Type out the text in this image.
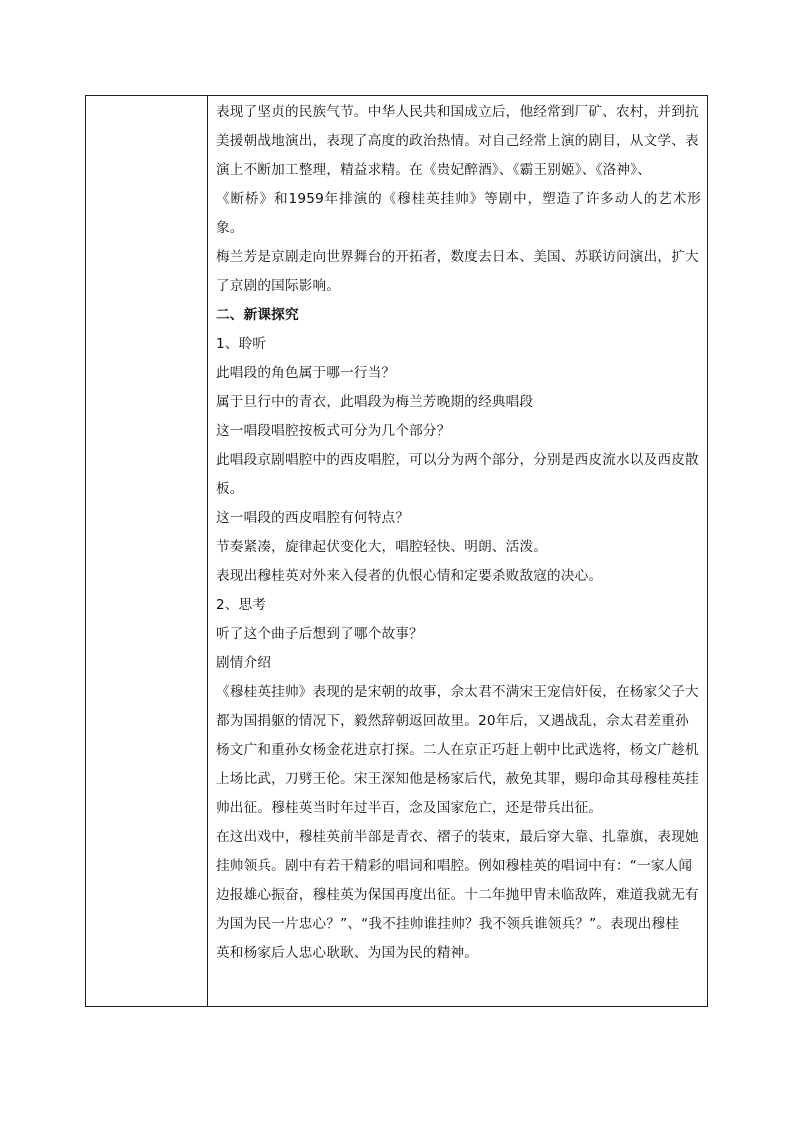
表现了坚贞的民族气节。中华人民共和国成立后，他经常到厂矿、农村，并到抗

美援朝战地演出，表现了高度的政治热情。对自己经常上演的剧目，从文学、表

演上不断加工整理，精益求精。在《贵妃醉酒》、《霸王别姬》、《洛神》、

《断桥》和1959年排演的《穆桂英挂帅》等剧中，塑造了许多动人的艺术形象。

梅兰芳是京剧走向世界舞台的开拓者，数度去日本、美国、苏联访问演出，扩大

了京剧的国际影响。

二、新课探究

1、聆听

此唱段的角色属于哪一行当？

属于旦行中的青衣，此唱段为梅兰芳晚期的经典唱段

这一唱段唱腔按板式可分为几个部分？

此唱段京剧唱腔中的西皮唱腔，可以分为两个部分，分别是西皮流水以及西皮散

板。

这一唱段的西皮唱腔有何特点？

节奏紧凑，旋律起伏变化大，唱腔轻快、明朗、活泼。

表现出穆桂英对外来入侵者的仇恨心情和定要杀败敌寇的决心。

2、思考

听了这个曲子后想到了哪个故事？

剧情介绍

《穆桂英挂帅》表现的是宋朝的故事，佘太君不满宋王宠信奸佞，在杨家父子大

都为国捐躯的情况下，毅然辞朝返回故里。20年后，又遇战乱，佘太君差重孙

杨文广和重孙女杨金花进京打探。二人在京正巧赶上朝中比武选将，杨文广趁机

上场比武，刀劈王伦。宋王深知他是杨家后代，赦免其罪，赐印命其母穆桂英挂

帅出征。穆桂英当时年过半百，念及国家危亡，还是带兵出征。

在这出戏中，穆桂英前半部是青衣、褶子的装束，最后穿大靠、扎靠旗，表现她

挂帅领兵。剧中有若干精彩的唱词和唱腔。例如穆桂英的唱词中有：“一家人闻

边报雄心振奋，穆桂英为保国再度出征。十二年抛甲胄未临敌阵，难道我就无有

为国为民一片忠心？”、“我不挂帅谁挂帅？我不领兵谁领兵？”。表现出穆桂

英和杨家后人忠心耿耿、为国为民的精神。
